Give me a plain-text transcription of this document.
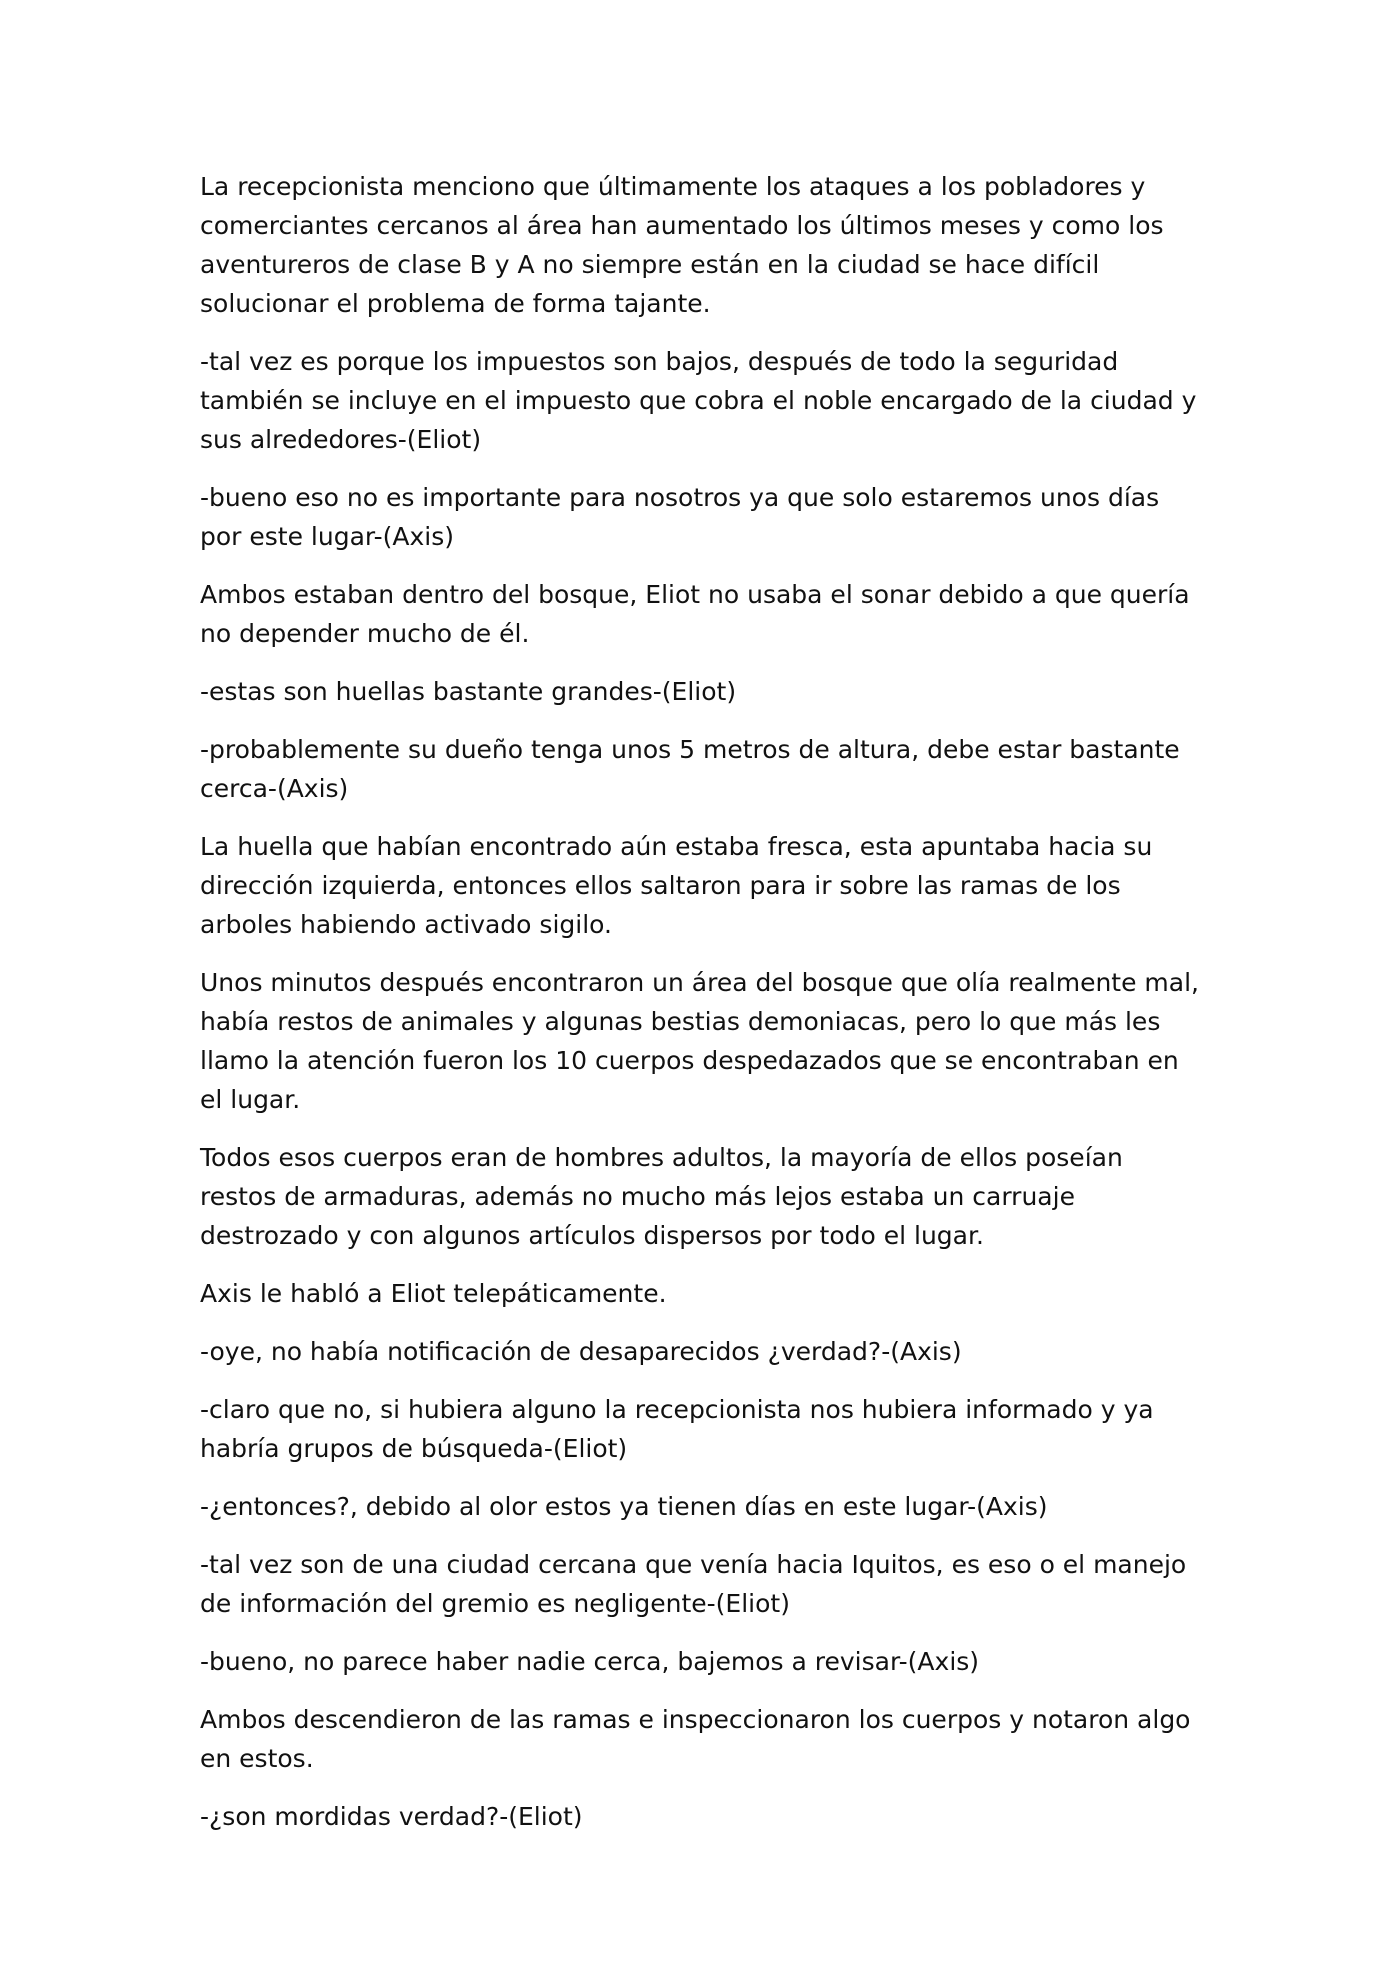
La recepcionista menciono que últimamente los ataques a los pobladores y comerciantes cercanos al área han aumentado los últimos meses y como los aventureros de clase B y A no siempre están en la ciudad se hace difícil solucionar el problema de forma tajante.

-tal vez es porque los impuestos son bajos, después de todo la seguridad también se incluye en el impuesto que cobra el noble encargado de la ciudad y sus alrededores-(Eliot)

-bueno eso no es importante para nosotros ya que solo estaremos unos días por este lugar-(Axis)

Ambos estaban dentro del bosque, Eliot no usaba el sonar debido a que quería no depender mucho de él.

-estas son huellas bastante grandes-(Eliot)

-probablemente su dueño tenga unos 5 metros de altura, debe estar bastante cerca-(Axis)

La huella que habían encontrado aún estaba fresca, esta apuntaba hacia su dirección izquierda, entonces ellos saltaron para ir sobre las ramas de los arboles habiendo activado sigilo.

Unos minutos después encontraron un área del bosque que olía realmente mal, había restos de animales y algunas bestias demoniacas, pero lo que más les llamo la atención fueron los 10 cuerpos despedazados que se encontraban en el lugar.

Todos esos cuerpos eran de hombres adultos, la mayoría de ellos poseían restos de armaduras, además no mucho más lejos estaba un carruaje destrozado y con algunos artículos dispersos por todo el lugar.

Axis le habló a Eliot telepáticamente.

-oye, no había notificación de desaparecidos ¿verdad?-(Axis)

-claro que no, si hubiera alguno la recepcionista nos hubiera informado y ya habría grupos de búsqueda-(Eliot)

-¿entonces?, debido al olor estos ya tienen días en este lugar-(Axis)

-tal vez son de una ciudad cercana que venía hacia Iquitos, es eso o el manejo de información del gremio es negligente-(Eliot)

-bueno, no parece haber nadie cerca, bajemos a revisar-(Axis)

Ambos descendieron de las ramas e inspeccionaron los cuerpos y notaron algo en estos.

-¿son mordidas verdad?-(Eliot)
